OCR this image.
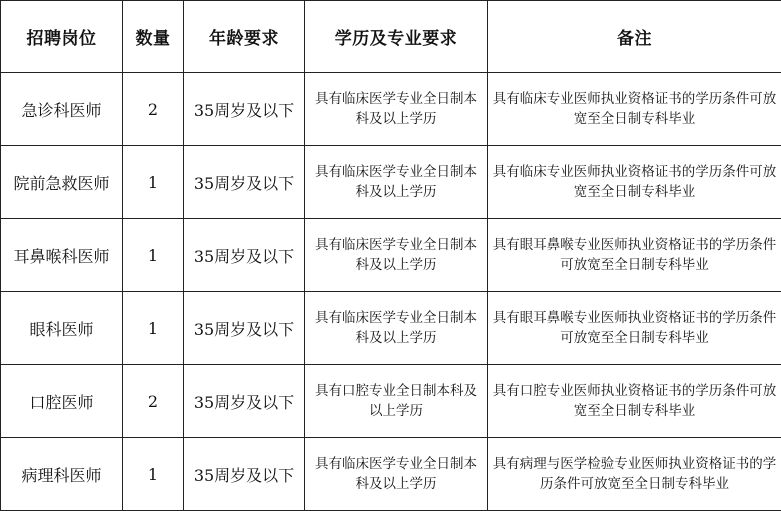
招聘岗位	数量	年龄要求	学历及专业要求	备注
急诊科医师	2	35周岁及以下	具有临床医学专业全日制本科及以上学历	具有临床专业医师执业资格证书的学历条件可放宽至全日制专科毕业
院前急救医师	1	35周岁及以下	具有临床医学专业全日制本科及以上学历	具有临床专业医师执业资格证书的学历条件可放宽至全日制专科毕业
耳鼻喉科医师	1	35周岁及以下	具有临床医学专业全日制本科及以上学历	具有眼耳鼻喉专业医师执业资格证书的学历条件可放宽至全日制专科毕业
眼科医师	1	35周岁及以下	具有临床医学专业全日制本科及以上学历	具有眼耳鼻喉专业医师执业资格证书的学历条件可放宽至全日制专科毕业
口腔医师	2	35周岁及以下	具有口腔专业全日制本科及以上学历	具有口腔专业医师执业资格证书的学历条件可放宽至全日制专科毕业
病理科医师	1	35周岁及以下	具有临床医学专业全日制本科及以上学历	具有病理与医学检验专业医师执业资格证书的学历条件可放宽至全日制专科毕业
